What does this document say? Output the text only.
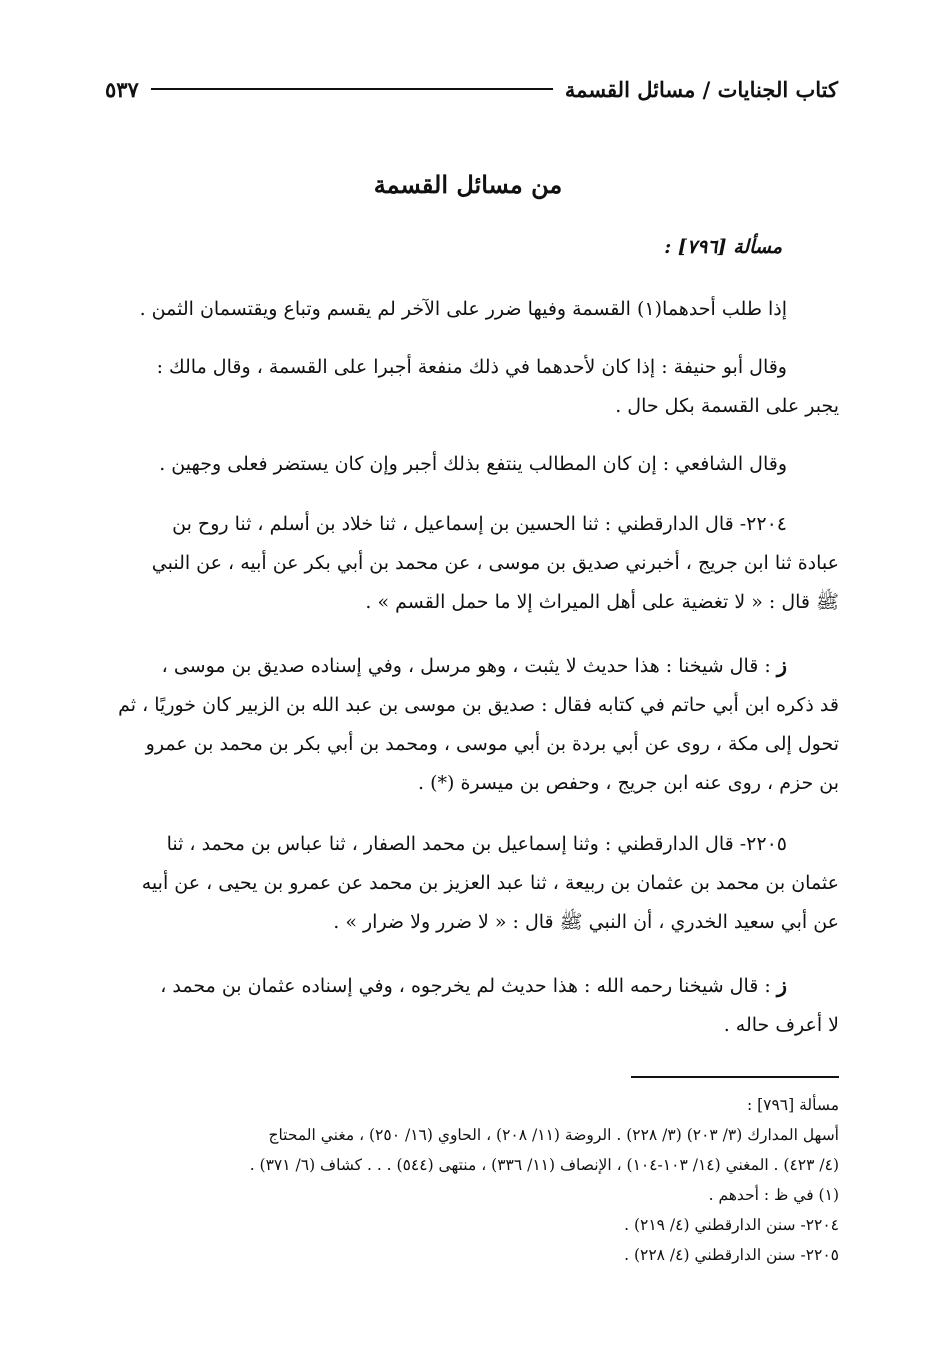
كتاب الجنايات / مسائل القسمة
٥٣٧
من مسائل القسمة
مسألة [٧٩٦] :
إذا طلب أحدهما(١) القسمة وفيها ضرر على الآخر لم يقسم وتباع ويقتسمان الثمن .
وقال أبو حنيفة : إذا كان لأحدهما في ذلك منفعة أجبرا على القسمة ، وقال مالك :
يجبر على القسمة بكل حال .
وقال الشافعي : إن كان المطالب ينتفع بذلك أجبر وإن كان يستضر فعلى وجهين .
٢٢٠٤- قال الدارقطني : ثنا الحسين بن إسماعيل ، ثنا خلاد بن أسلم ، ثنا روح بن
عبادة ثنا ابن جريج ، أخبرني صديق بن موسى ، عن محمد بن أبي بكر عن أبيه ، عن النبي
ﷺ قال : « لا تغضية على أهل الميراث إلا ما حمل القسم » .
ز : قال شيخنا : هذا حديث لا يثبت ، وهو مرسل ، وفي إسناده صديق بن موسى ،
قد ذكره ابن أبي حاتم في كتابه فقال : صديق بن موسى بن عبد الله بن الزبير كان خوريًا ، ثم
تحول إلى مكة ، روى عن أبي بردة بن أبي موسى ، ومحمد بن أبي بكر بن محمد بن عمرو
بن حزم ، روى عنه ابن جريج ، وحفص بن ميسرة (*) .
٢٢٠٥- قال الدارقطني : وثنا إسماعيل بن محمد الصفار ، ثنا عباس بن محمد ، ثنا
عثمان بن محمد بن عثمان بن ربيعة ، ثنا عبد العزيز بن محمد عن عمرو بن يحيى ، عن أبيه
عن أبي سعيد الخدري ، أن النبي ﷺ قال : « لا ضرر ولا ضرار » .
ز : قال شيخنا رحمه الله : هذا حديث لم يخرجوه ، وفي إسناده عثمان بن محمد ،
لا أعرف حاله .
مسألة [٧٩٦] :
أسهل المدارك (٣/ ٢٠٣) (٣/ ٢٢٨) . الروضة (١١/ ٢٠٨) ، الحاوي (١٦/ ٢٥٠) ، مغني المحتاج
(٤/ ٤٢٣) . المغني (١٤/ ١٠٣-١٠٤) ، الإنصاف (١١/ ٣٣٦) ، منتهى (٥٤٤) . . . كشاف (٦/ ٣٧١) .
(١) في ظ : أحدهم .
٢٢٠٤- سنن الدارقطني (٤/ ٢١٩) .
٢٢٠٥- سنن الدارقطني (٤/ ٢٢٨) .
